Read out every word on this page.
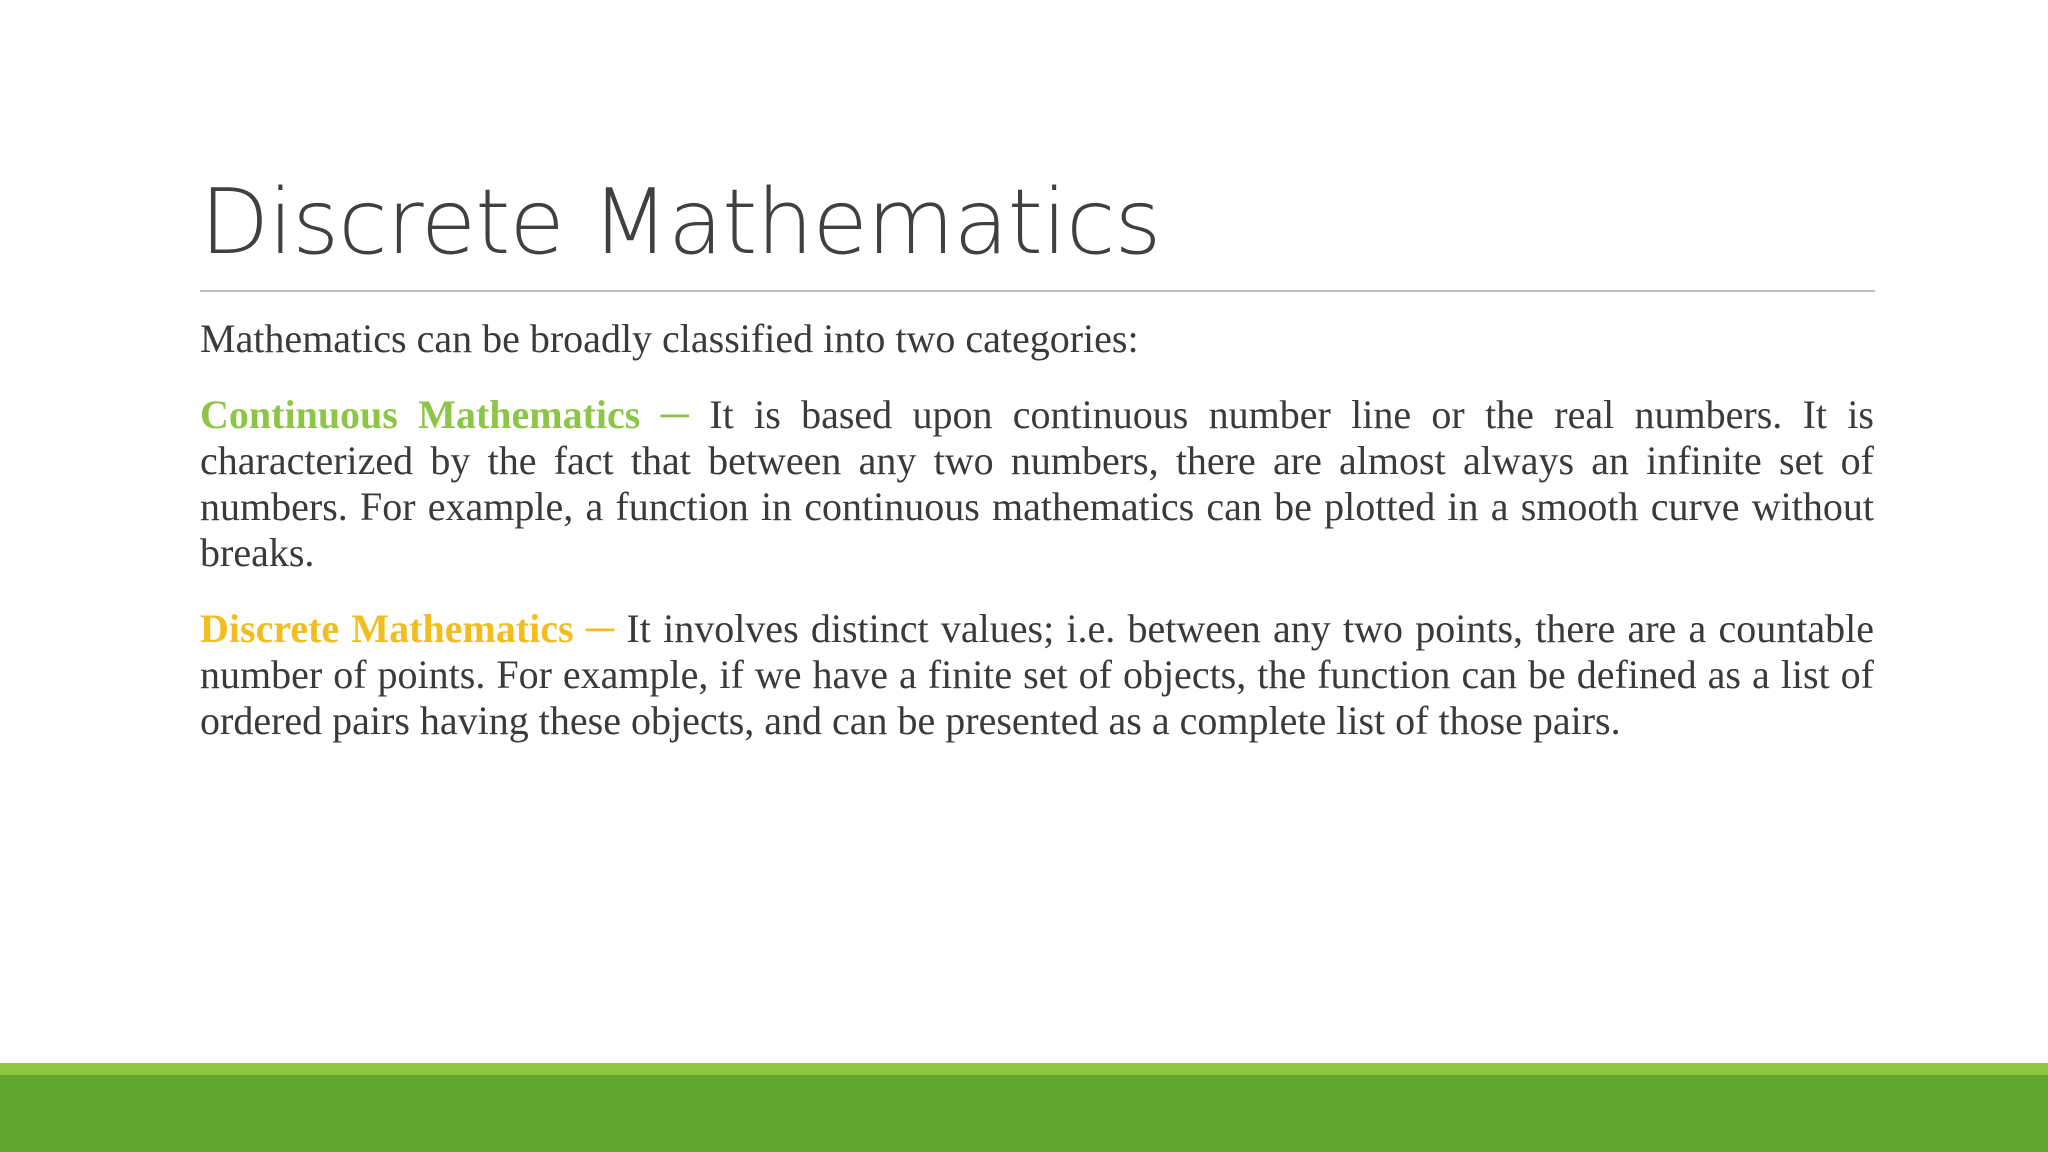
Discrete Mathematics

Mathematics can be broadly classified into two categories:

Continuous Mathematics ─ It is based upon continuous number line or the real numbers. It is characterized by the fact that between any two numbers, there are almost always an infinite set of numbers. For example, a function in continuous mathematics can be plotted in a smooth curve without breaks.

Discrete Mathematics ─ It involves distinct values; i.e. between any two points, there are a countable number of points. For example, if we have a finite set of objects, the function can be defined as a list of ordered pairs having these objects, and can be presented as a complete list of those pairs.
